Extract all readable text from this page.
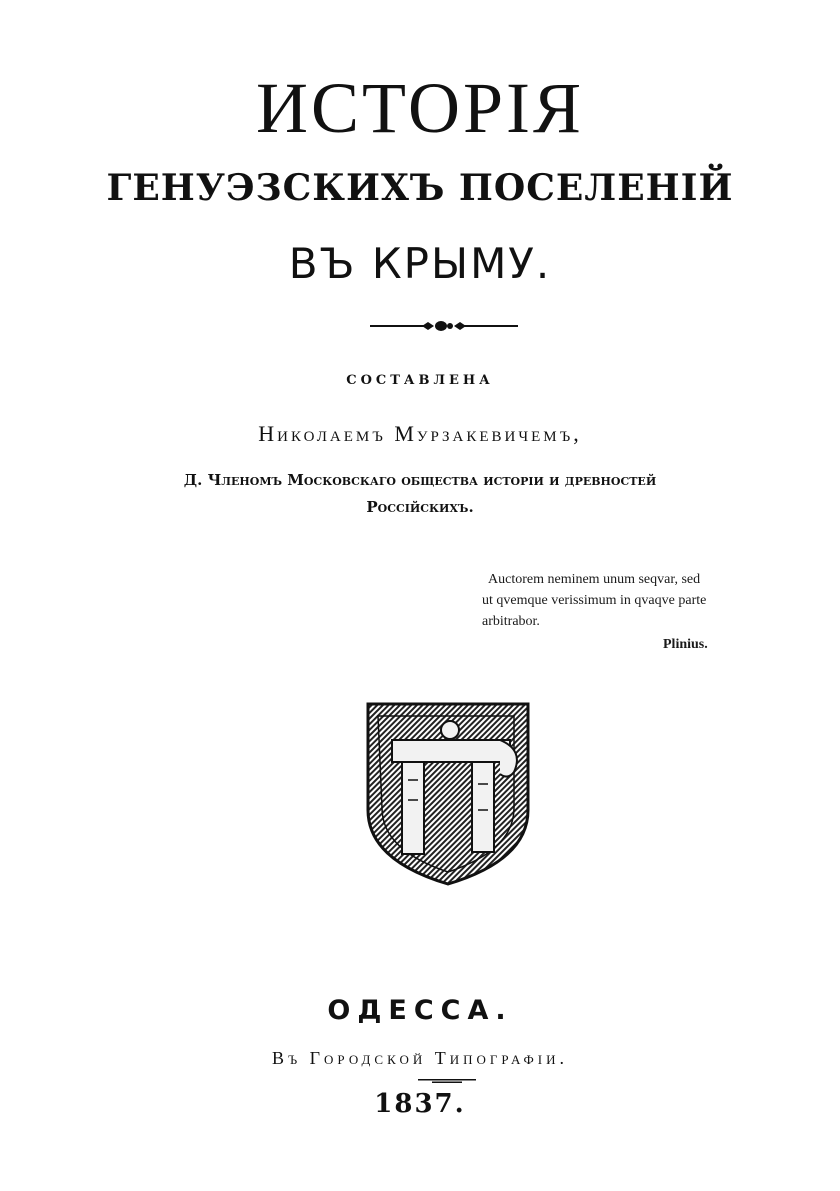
ИСТОРІЯ
ГЕНУЭЗСКИХЪ ПОСЕЛЕНІЙ
ВЪ КРЫМУ.
СОСТАВЛЕНА
Николаемъ Мурзакевичемъ,
Д. Членомъ Московскаго общества исторіи и древностей
Россійскихъ.
Auctorem neminem unum seqvar, sed
ut qvemque verissimum in qvaqve parte
arbitrabor.
Plinius.
ОДЕССА.
Въ Городской Типографіи.
1837.
